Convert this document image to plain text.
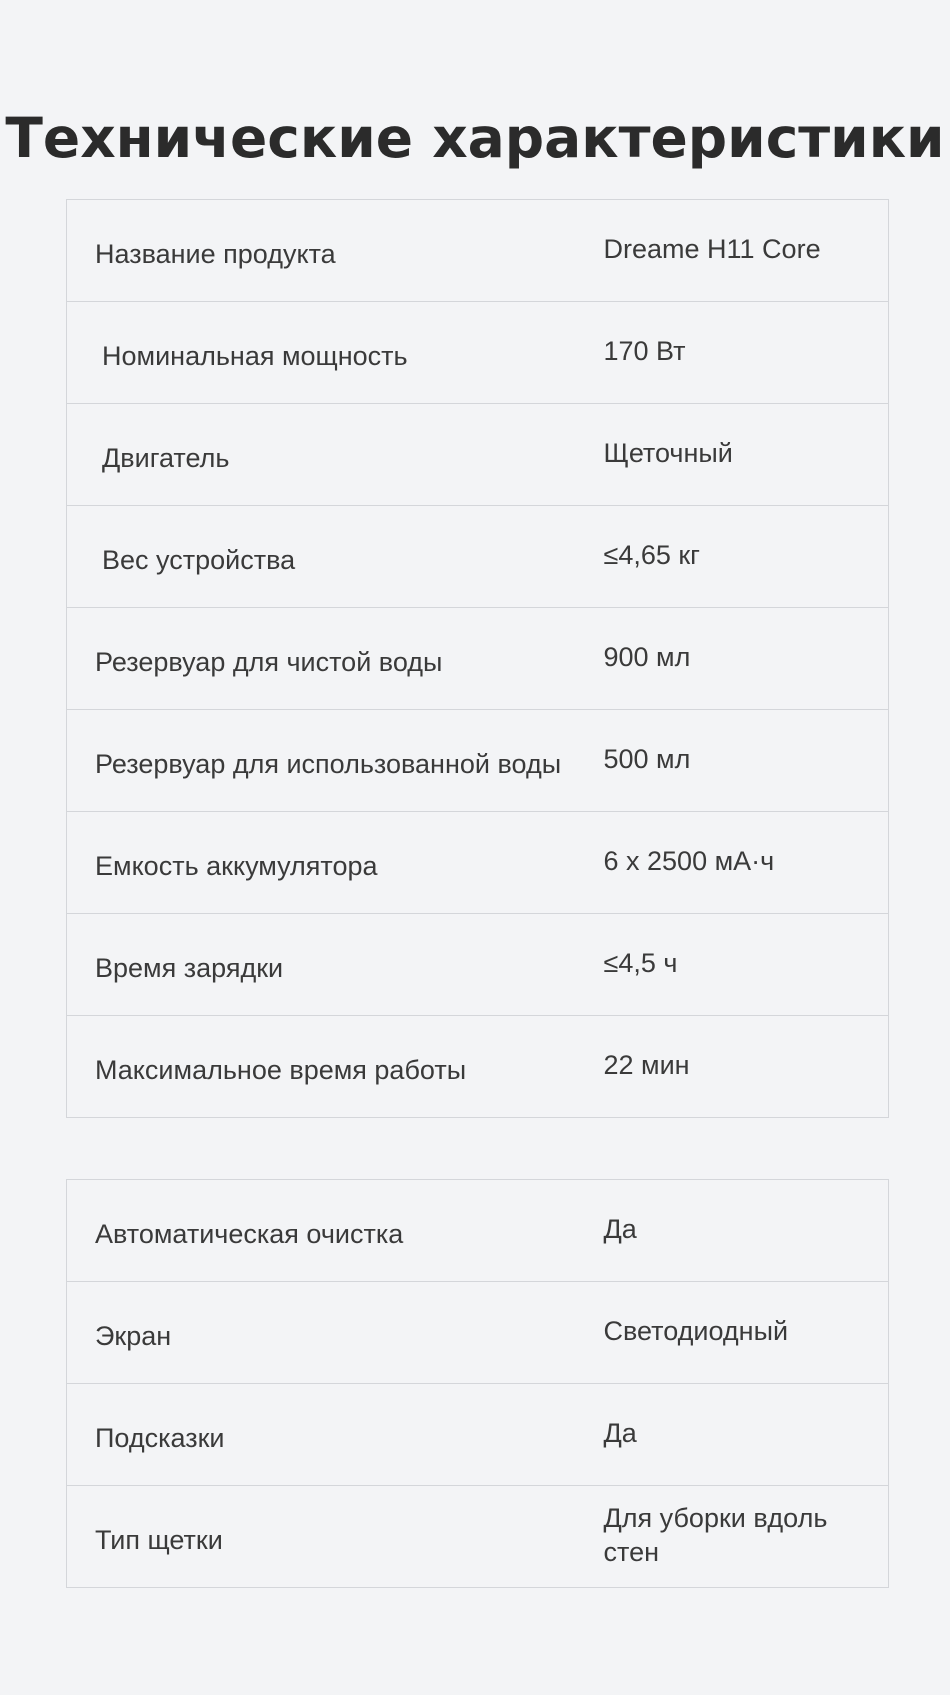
Технические характеристики
Название продукта	Dreame H11 Core
Номинальная мощность	170 Вт
Двигатель	Щеточный
Вес устройства	≤4,65 кг
Резервуар для чистой воды	900 мл
Резервуар для использованной воды	500 мл
Емкость аккумулятора	6 x 2500 мА·ч
Время зарядки	≤4,5 ч
Максимальное время работы	22 мин
Автоматическая очистка	Да
Экран	Светодиодный
Подсказки	Да
Тип щетки	Для уборки вдоль стен
